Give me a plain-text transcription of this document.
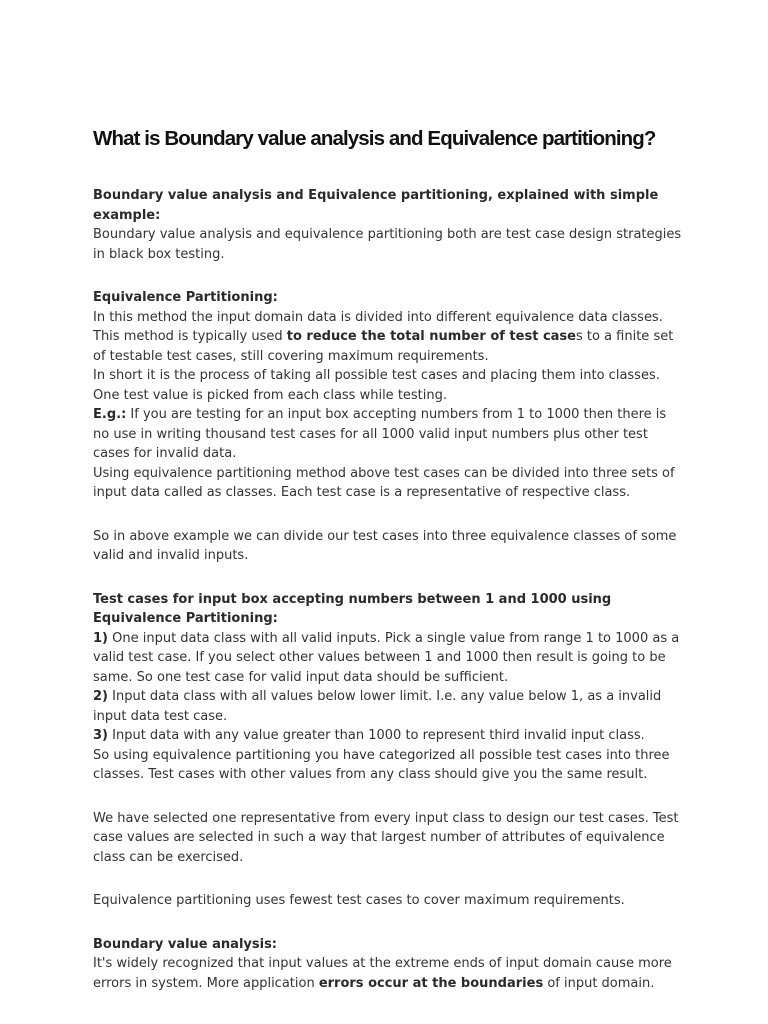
What is Boundary value analysis and Equivalence partitioning?

Boundary value analysis and Equivalence partitioning, explained with simple example:
Boundary value analysis and equivalence partitioning both are test case design strategies in black box testing.

Equivalence Partitioning:
In this method the input domain data is divided into different equivalence data classes.
This method is typically used to reduce the total number of test cases to a finite set of testable test cases, still covering maximum requirements.
In short it is the process of taking all possible test cases and placing them into classes. One test value is picked from each class while testing.
E.g.: If you are testing for an input box accepting numbers from 1 to 1000 then there is no use in writing thousand test cases for all 1000 valid input numbers plus other test cases for invalid data.
Using equivalence partitioning method above test cases can be divided into three sets of input data called as classes. Each test case is a representative of respective class.

So in above example we can divide our test cases into three equivalence classes of some valid and invalid inputs.

Test cases for input box accepting numbers between 1 and 1000 using Equivalence Partitioning:
1) One input data class with all valid inputs. Pick a single value from range 1 to 1000 as a valid test case. If you select other values between 1 and 1000 then result is going to be same. So one test case for valid input data should be sufficient.
2) Input data class with all values below lower limit. I.e. any value below 1, as a invalid input data test case.
3) Input data with any value greater than 1000 to represent third invalid input class.
So using equivalence partitioning you have categorized all possible test cases into three classes. Test cases with other values from any class should give you the same result.

We have selected one representative from every input class to design our test cases. Test case values are selected in such a way that largest number of attributes of equivalence class can be exercised.

Equivalence partitioning uses fewest test cases to cover maximum requirements.

Boundary value analysis:
It's widely recognized that input values at the extreme ends of input domain cause more errors in system. More application errors occur at the boundaries of input domain.
